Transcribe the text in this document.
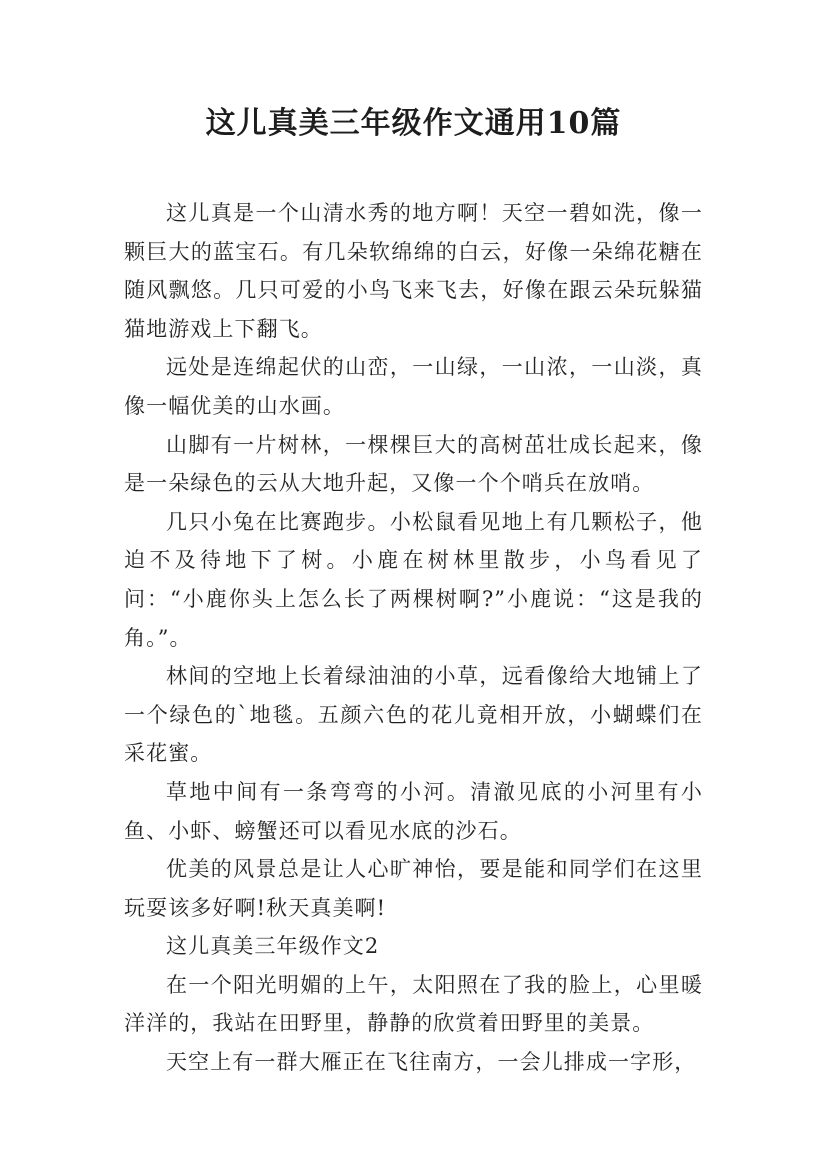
这儿真美三年级作文通用10篇

这儿真是一个山清水秀的地方啊！天空一碧如洗，像一颗巨大的蓝宝石。有几朵软绵绵的白云，好像一朵绵花糖在随风飘悠。几只可爱的小鸟飞来飞去，好像在跟云朵玩躲猫猫地游戏上下翻飞。

远处是连绵起伏的山峦，一山绿，一山浓，一山淡，真像一幅优美的山水画。

山脚有一片树林，一棵棵巨大的高树茁壮成长起来，像是一朵绿色的云从大地升起，又像一个个哨兵在放哨。

几只小兔在比赛跑步。小松鼠看见地上有几颗松子，他迫不及待地下了树。小鹿在树林里散步，小鸟看见了问：“小鹿你头上怎么长了两棵树啊?”小鹿说：“这是我的角。”。

林间的空地上长着绿油油的小草，远看像给大地铺上了一个绿色的`地毯。五颜六色的花儿竟相开放，小蝴蝶们在采花蜜。

草地中间有一条弯弯的小河。清澈见底的小河里有小鱼、小虾、螃蟹还可以看见水底的沙石。

优美的风景总是让人心旷神怡，要是能和同学们在这里玩耍该多好啊!秋天真美啊!

这儿真美三年级作文2

在一个阳光明媚的上午，太阳照在了我的脸上，心里暖洋洋的，我站在田野里，静静的欣赏着田野里的美景。

天空上有一群大雁正在飞往南方，一会儿排成一字形，
